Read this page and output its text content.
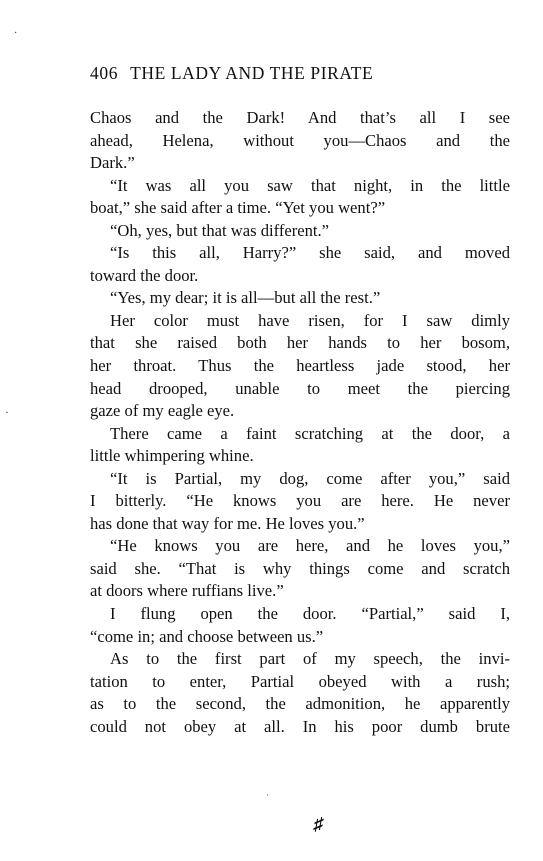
·
·
406 THE LADY AND THE PIRATE
Chaos and the Dark! And that’s all I see
ahead, Helena, without you—Chaos and the
Dark.”
“It was all you saw that night, in the little
boat,” she said after a time. “Yet you went?”
“Oh, yes, but that was different.”
“Is this all, Harry?” she said, and moved
toward the door.
“Yes, my dear; it is all—but all the rest.”
Her color must have risen, for I saw dimly
that she raised both her hands to her bosom,
her throat. Thus the heartless jade stood, her
head drooped, unable to meet the piercing
gaze of my eagle eye.
There came a faint scratching at the door, a
little whimpering whine.
“It is Partial, my dog, come after you,” said
I bitterly. “He knows you are here. He never
has done that way for me. He loves you.”
“He knows you are here, and he loves you,”
said she. “That is why things come and scratch
at doors where ruffians live.”
I flung open the door. “Partial,” said I,
“come in; and choose between us.”
As to the first part of my speech, the invi-
tation to enter, Partial obeyed with a rush;
as to the second, the admonition, he apparently
could not obey at all. In his poor dumb brute
·
♯
